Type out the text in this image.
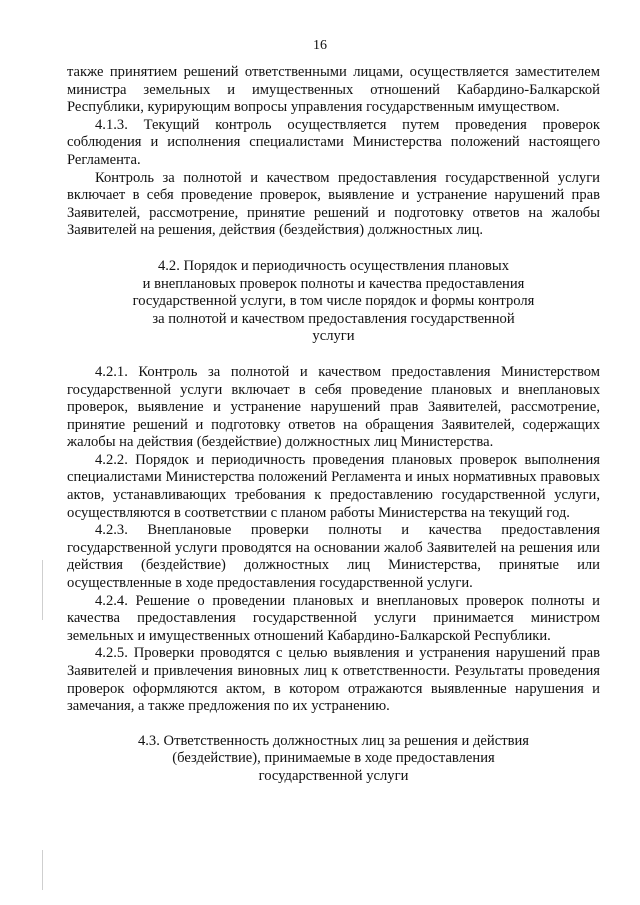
16

также принятием решений ответственными лицами, осуществляется заместителем министра земельных и имущественных отношений Кабардино-Балкарской Республики, курирующим вопросы управления государственным имуществом.

4.1.3. Текущий контроль осуществляется путем проведения проверок соблюдения и исполнения специалистами Министерства положений настоящего Регламента.

Контроль за полнотой и качеством предоставления государственной услуги включает в себя проведение проверок, выявление и устранение нарушений прав Заявителей, рассмотрение, принятие решений и подготовку ответов на жалобы Заявителей на решения, действия (бездействия) должностных лиц.

4.2. Порядок и периодичность осуществления плановых
и внеплановых проверок полноты и качества предоставления
государственной услуги, в том числе порядок и формы контроля
за полнотой и качеством предоставления государственной
услуги

4.2.1. Контроль за полнотой и качеством предоставления Министерством государственной услуги включает в себя проведение плановых и внеплановых проверок, выявление и устранение нарушений прав Заявителей, рассмотрение, принятие решений и подготовку ответов на обращения Заявителей, содержащих жалобы на действия (бездействие) должностных лиц Министерства.

4.2.2. Порядок и периодичность проведения плановых проверок выполнения специалистами Министерства положений Регламента и иных нормативных правовых актов, устанавливающих требования к предоставлению государственной услуги, осуществляются в соответствии с планом работы Министерства на текущий год.

4.2.3. Внеплановые проверки полноты и качества предоставления государственной услуги проводятся на основании жалоб Заявителей на решения или действия (бездействие) должностных лиц Министерства, принятые или осуществленные в ходе предоставления государственной услуги.

4.2.4. Решение о проведении плановых и внеплановых проверок полноты и качества предоставления государственной услуги принимается министром земельных и имущественных отношений Кабардино-Балкарской Республики.

4.2.5. Проверки проводятся с целью выявления и устранения нарушений прав Заявителей и привлечения виновных лиц к ответственности. Результаты проведения проверок оформляются актом, в котором отражаются выявленные нарушения и замечания, а также предложения по их устранению.

4.3. Ответственность должностных лиц за решения и действия
(бездействие), принимаемые в ходе предоставления
государственной услуги
